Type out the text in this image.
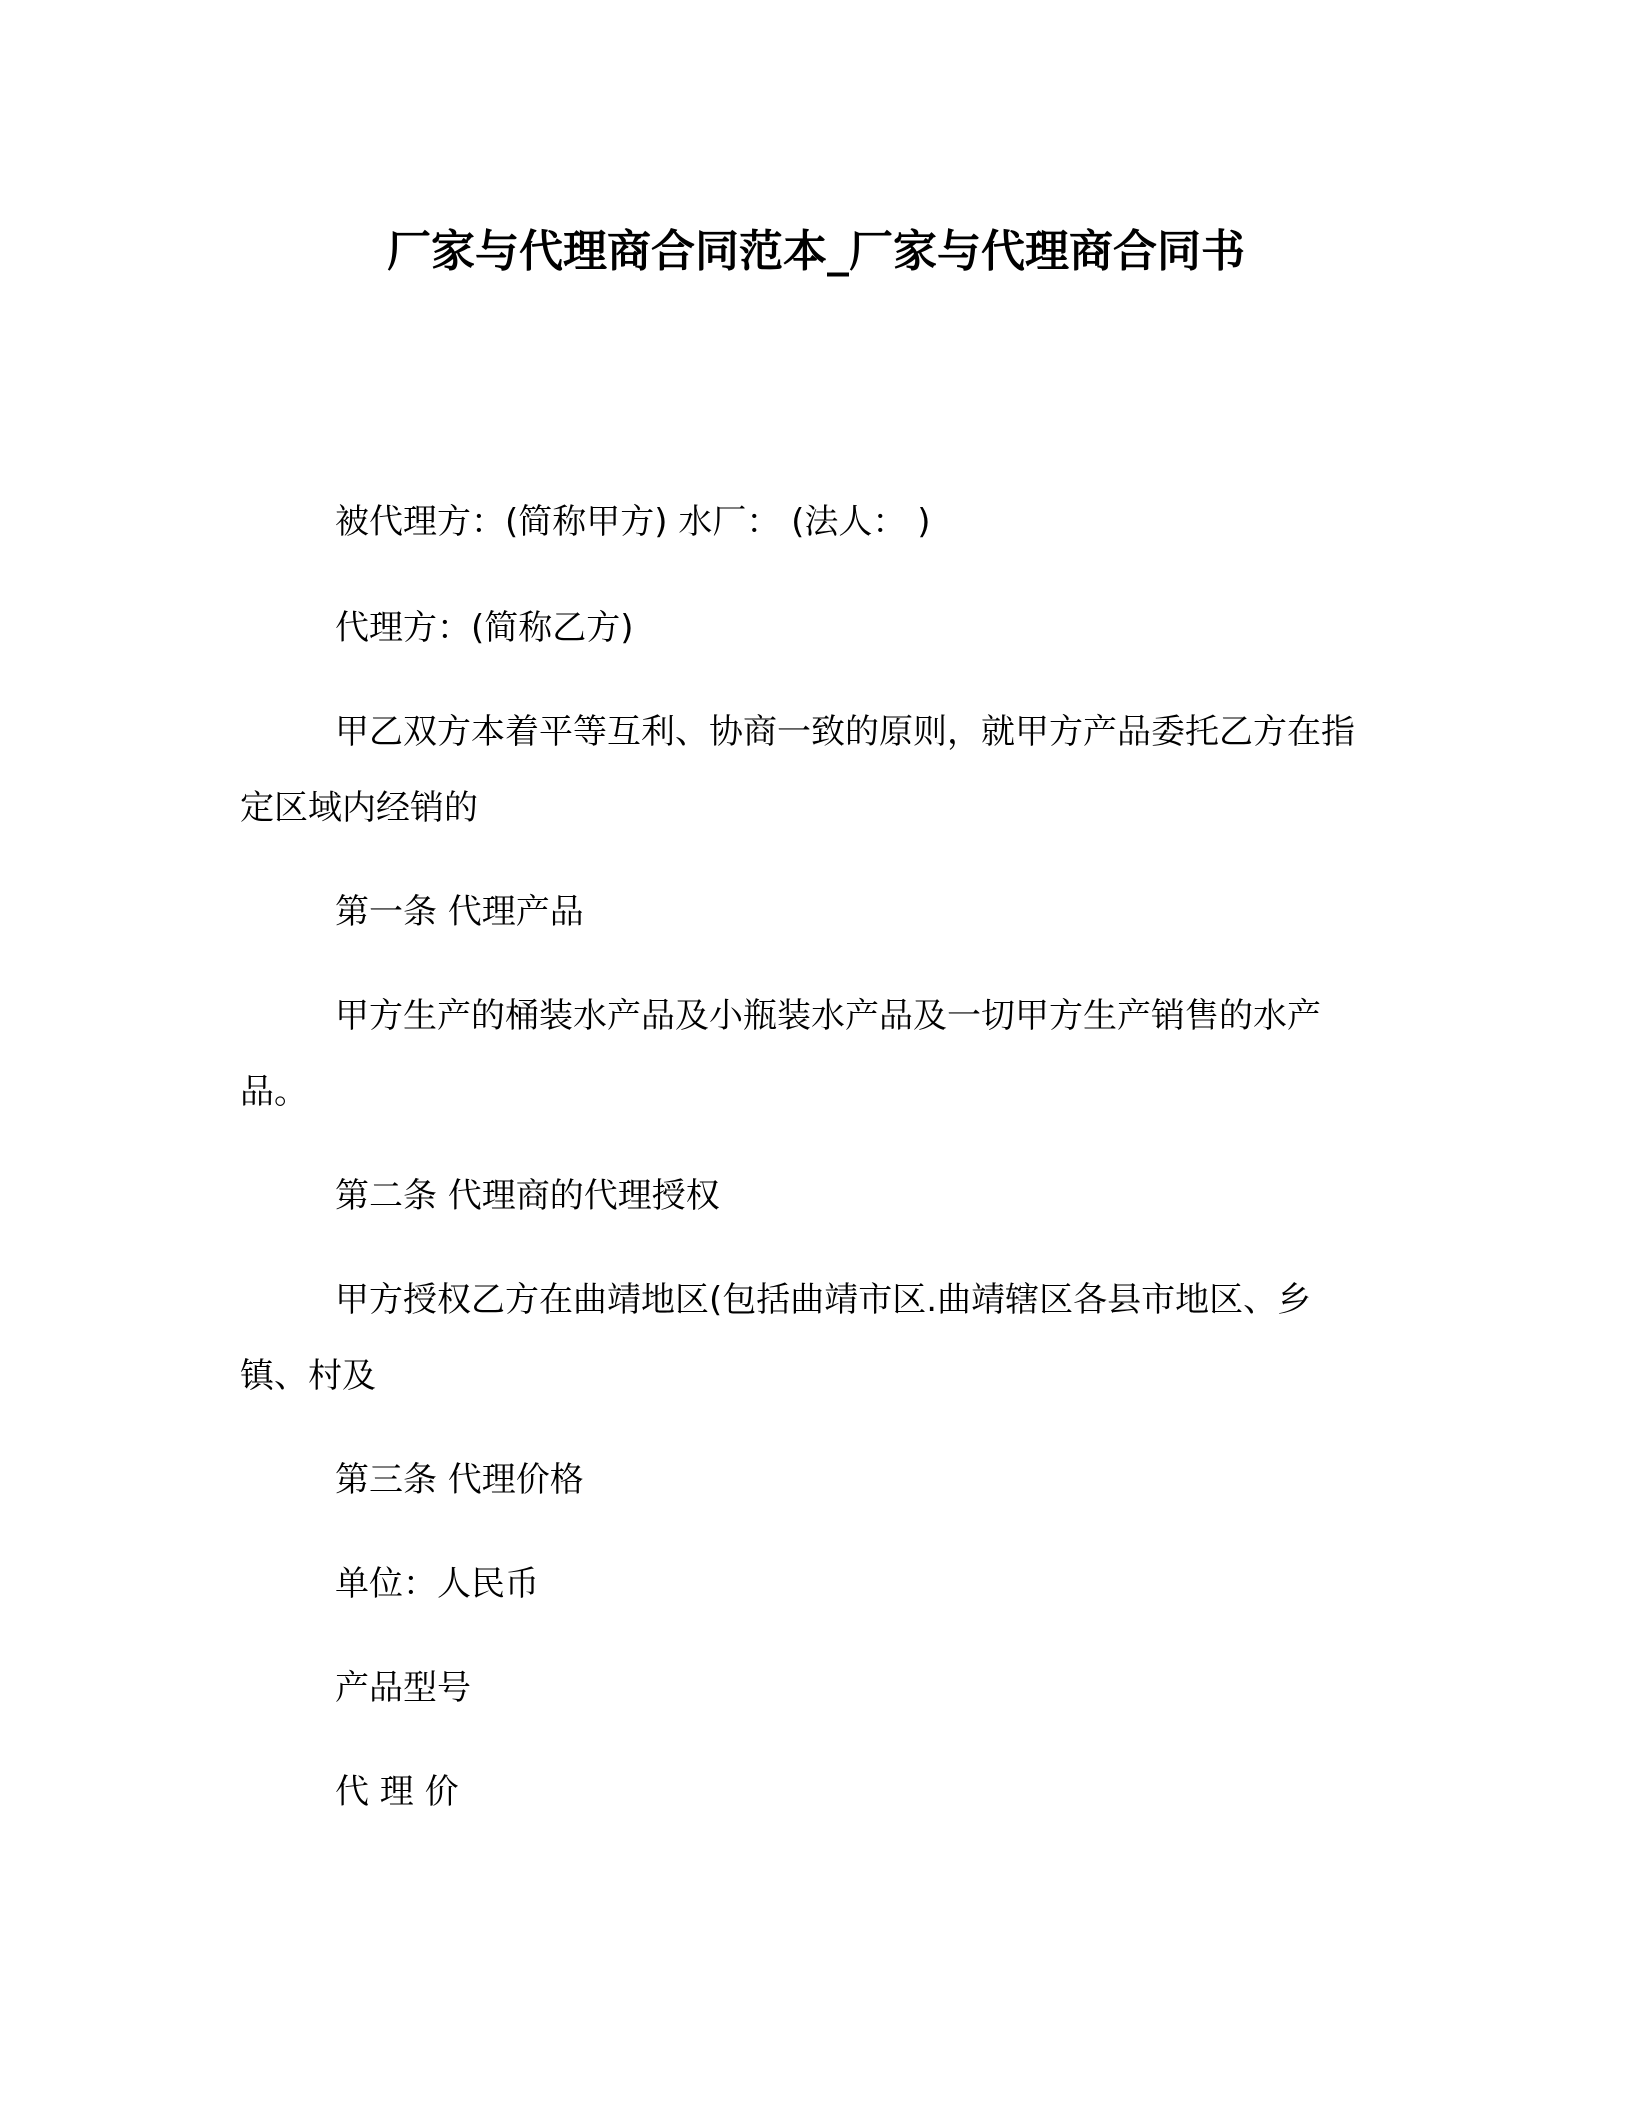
厂家与代理商合同范本_厂家与代理商合同书
被代理方：(简称甲方) 水厂： (法人： )
代理方：(简称乙方)
甲乙双方本着平等互利、协商一致的原则，就甲方产品委托乙方在指定区域内经销的
第一条 代理产品
甲方生产的桶装水产品及小瓶装水产品及一切甲方生产销售的水产品。
第二条 代理商的代理授权
甲方授权乙方在曲靖地区(包括曲靖市区.曲靖辖区各县市地区、乡镇、村及
第三条 代理价格
单位：人民币
产品型号
代 理 价
